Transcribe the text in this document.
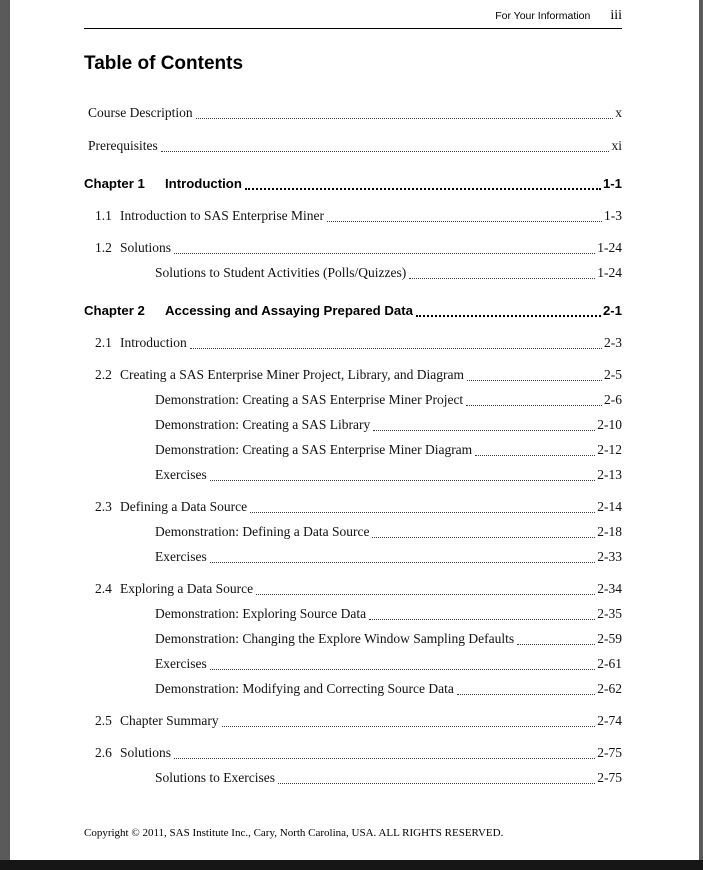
For Your Information iii
Table of Contents
Course Description	x
Prerequisites	xi
Chapter 1	Introduction	1-1
1.1 Introduction to SAS Enterprise Miner	1-3
1.2 Solutions	1-24
Solutions to Student Activities (Polls/Quizzes)	1-24
Chapter 2	Accessing and Assaying Prepared Data	2-1
2.1 Introduction	2-3
2.2 Creating a SAS Enterprise Miner Project, Library, and Diagram	2-5
Demonstration: Creating a SAS Enterprise Miner Project	2-6
Demonstration: Creating a SAS Library	2-10
Demonstration: Creating a SAS Enterprise Miner Diagram	2-12
Exercises	2-13
2.3 Defining a Data Source	2-14
Demonstration: Defining a Data Source	2-18
Exercises	2-33
2.4 Exploring a Data Source	2-34
Demonstration: Exploring Source Data	2-35
Demonstration: Changing the Explore Window Sampling Defaults	2-59
Exercises	2-61
Demonstration: Modifying and Correcting Source Data	2-62
2.5 Chapter Summary	2-74
2.6 Solutions	2-75
Solutions to Exercises	2-75
Copyright © 2011, SAS Institute Inc., Cary, North Carolina, USA. ALL RIGHTS RESERVED.
